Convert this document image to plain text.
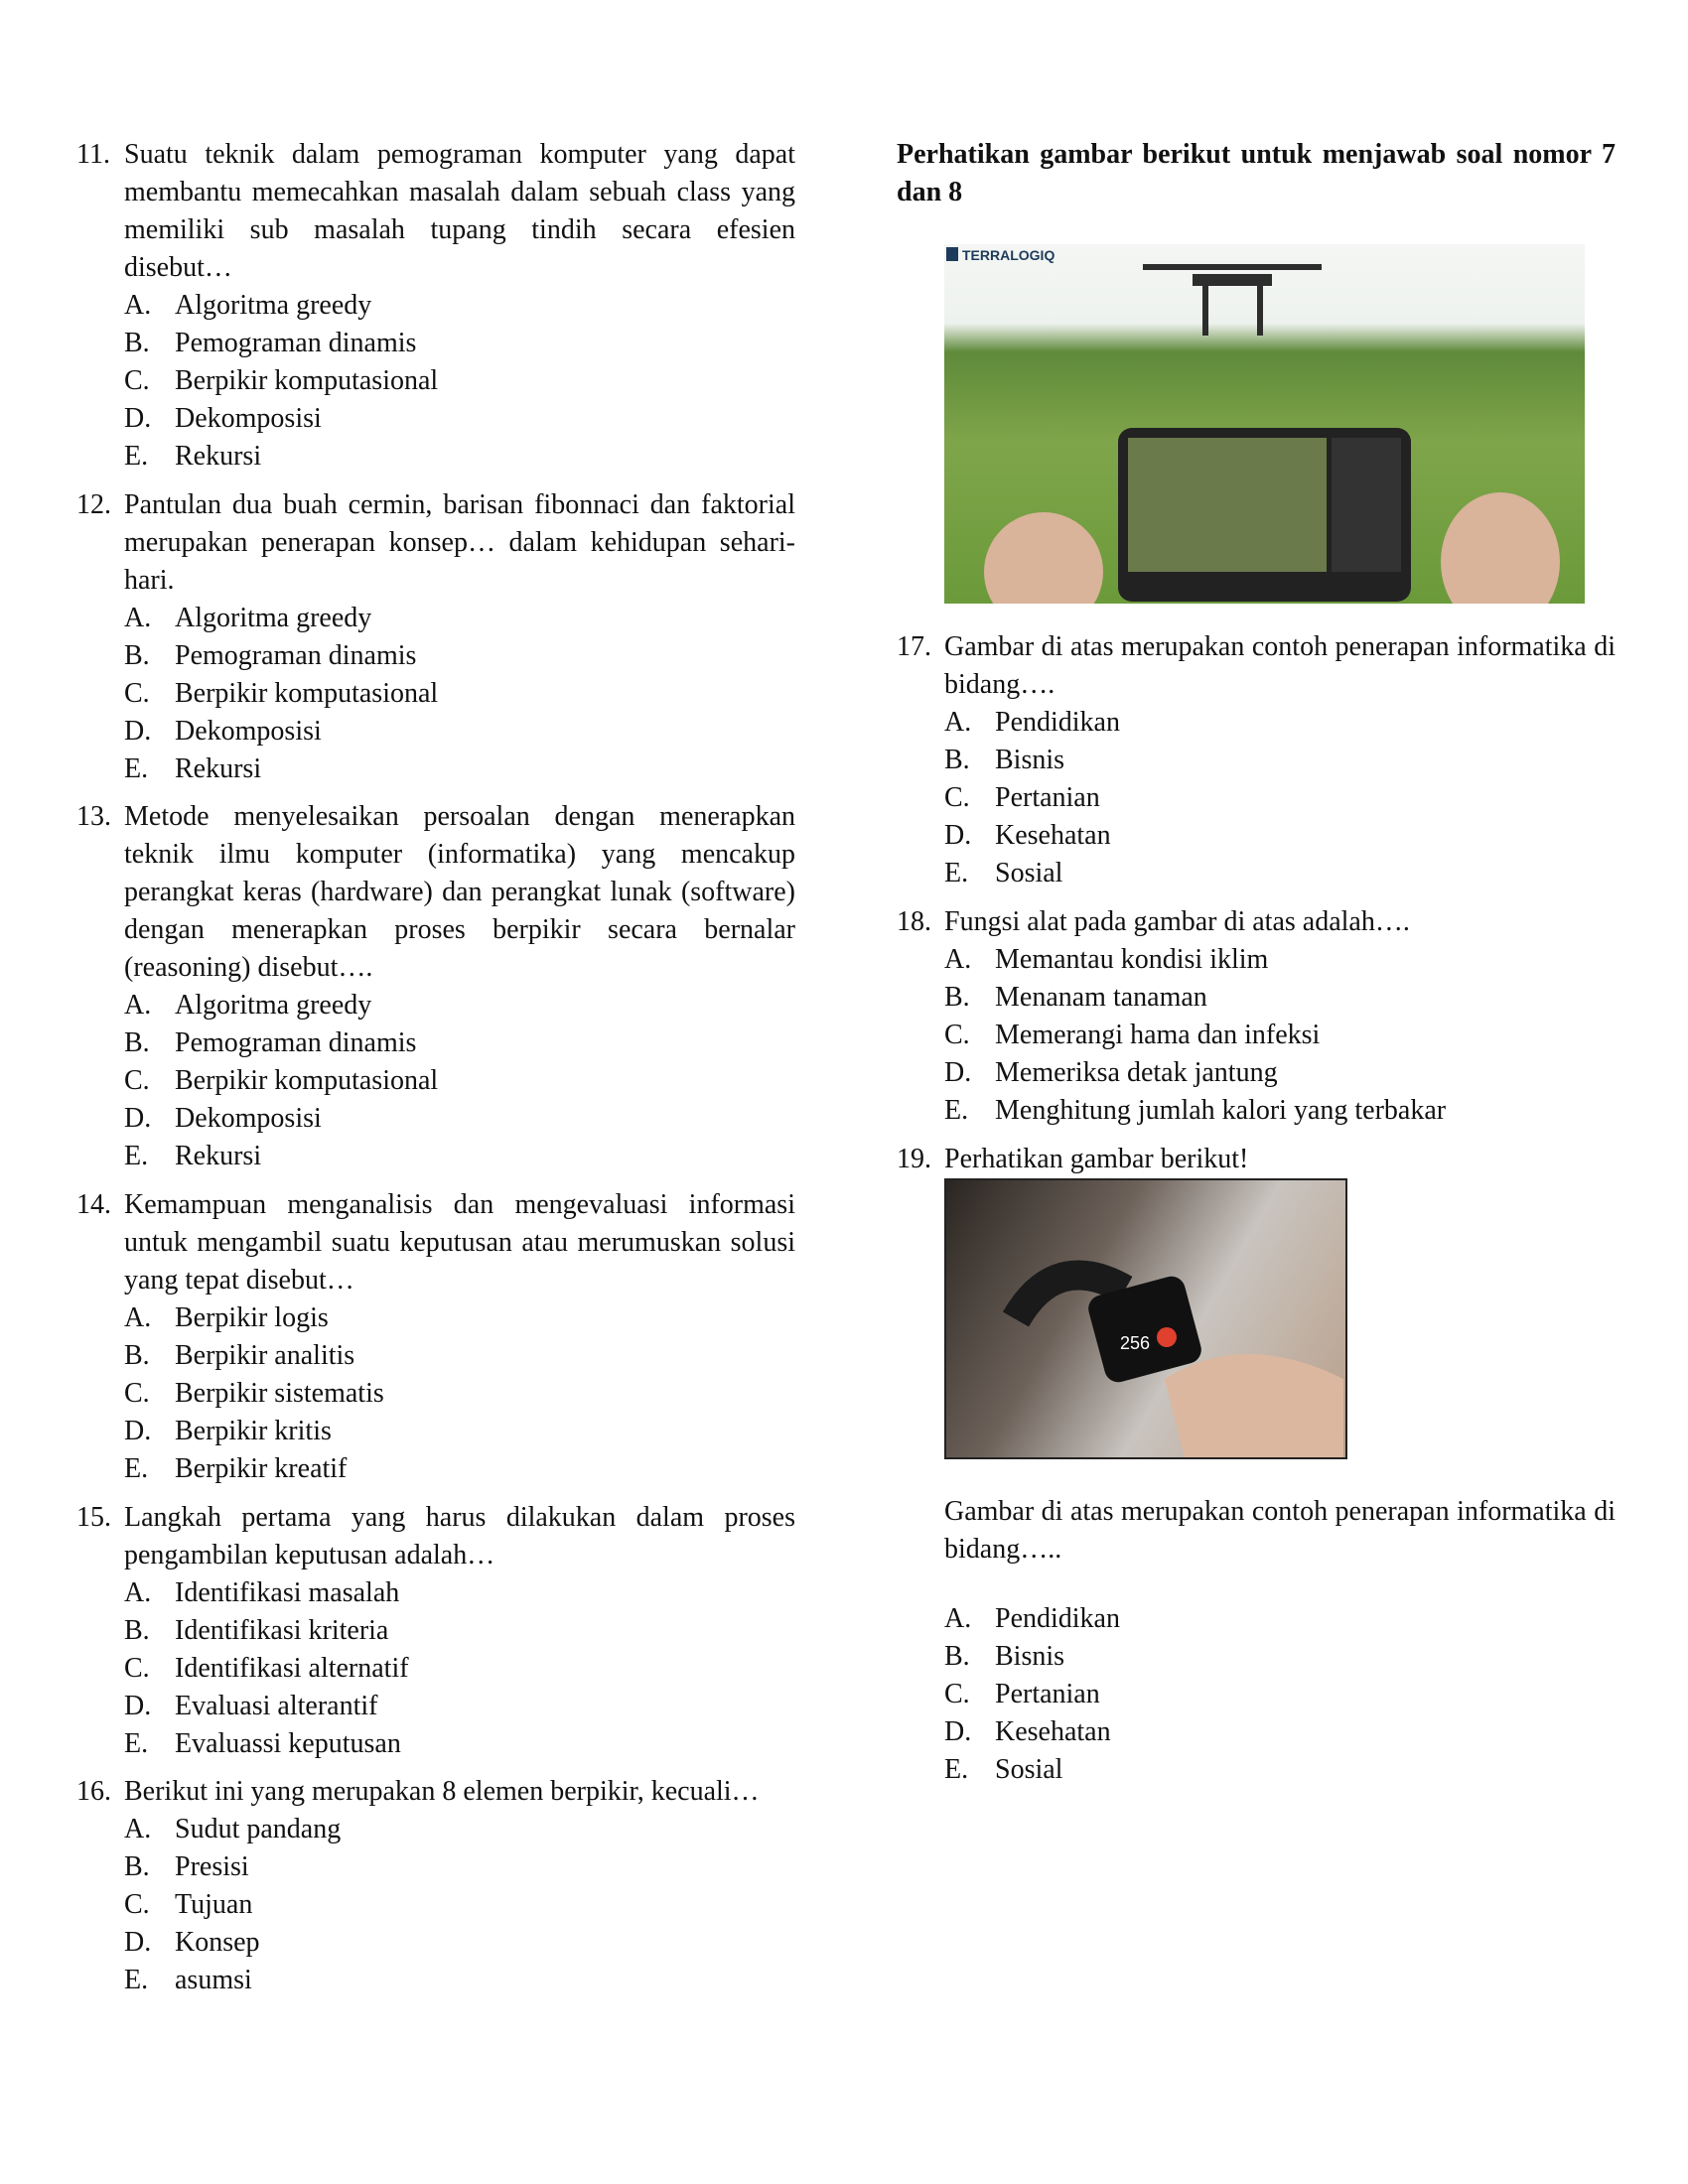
11. Suatu teknik dalam pemograman komputer yang dapat membantu memecahkan masalah dalam sebuah class yang memiliki sub masalah tupang tindih secara efesien disebut…
A. Algoritma greedy
B. Pemograman dinamis
C. Berpikir komputasional
D. Dekomposisi
E. Rekursi
12. Pantulan dua buah cermin, barisan fibonnaci dan faktorial merupakan penerapan konsep… dalam kehidupan sehari-hari.
A. Algoritma greedy
B. Pemograman dinamis
C. Berpikir komputasional
D. Dekomposisi
E. Rekursi
13. Metode menyelesaikan persoalan dengan menerapkan teknik ilmu komputer (informatika) yang mencakup perangkat keras (hardware) dan perangkat lunak (software) dengan menerapkan proses berpikir secara bernalar (reasoning) disebut….
A. Algoritma greedy
B. Pemograman dinamis
C. Berpikir komputasional
D. Dekomposisi
E. Rekursi
14. Kemampuan menganalisis dan mengevaluasi informasi untuk mengambil suatu keputusan atau merumuskan solusi yang tepat disebut…
A. Berpikir logis
B. Berpikir analitis
C. Berpikir sistematis
D. Berpikir kritis
E. Berpikir kreatif
15. Langkah pertama yang harus dilakukan dalam proses pengambilan keputusan adalah…
A. Identifikasi masalah
B. Identifikasi kriteria
C. Identifikasi alternatif
D. Evaluasi alterantif
E. Evaluassi keputusan
16. Berikut ini yang merupakan 8 elemen berpikir, kecuali…
A. Sudut pandang
B. Presisi
C. Tujuan
D. Konsep
E. asumsi
Perhatikan gambar berikut untuk menjawab soal nomor 7 dan 8
TERRALOGIQ
17. Gambar di atas merupakan contoh penerapan informatika di bidang….
A. Pendidikan
B. Bisnis
C. Pertanian
D. Kesehatan
E. Sosial
18. Fungsi alat pada gambar di atas adalah….
A. Memantau kondisi iklim
B. Menanam tanaman
C. Memerangi hama dan infeksi
D. Memeriksa detak jantung
E. Menghitung jumlah kalori yang terbakar
19. Perhatikan gambar berikut!
256
Gambar di atas merupakan contoh penerapan informatika di bidang…..
A. Pendidikan
B. Bisnis
C. Pertanian
D. Kesehatan
E. Sosial
